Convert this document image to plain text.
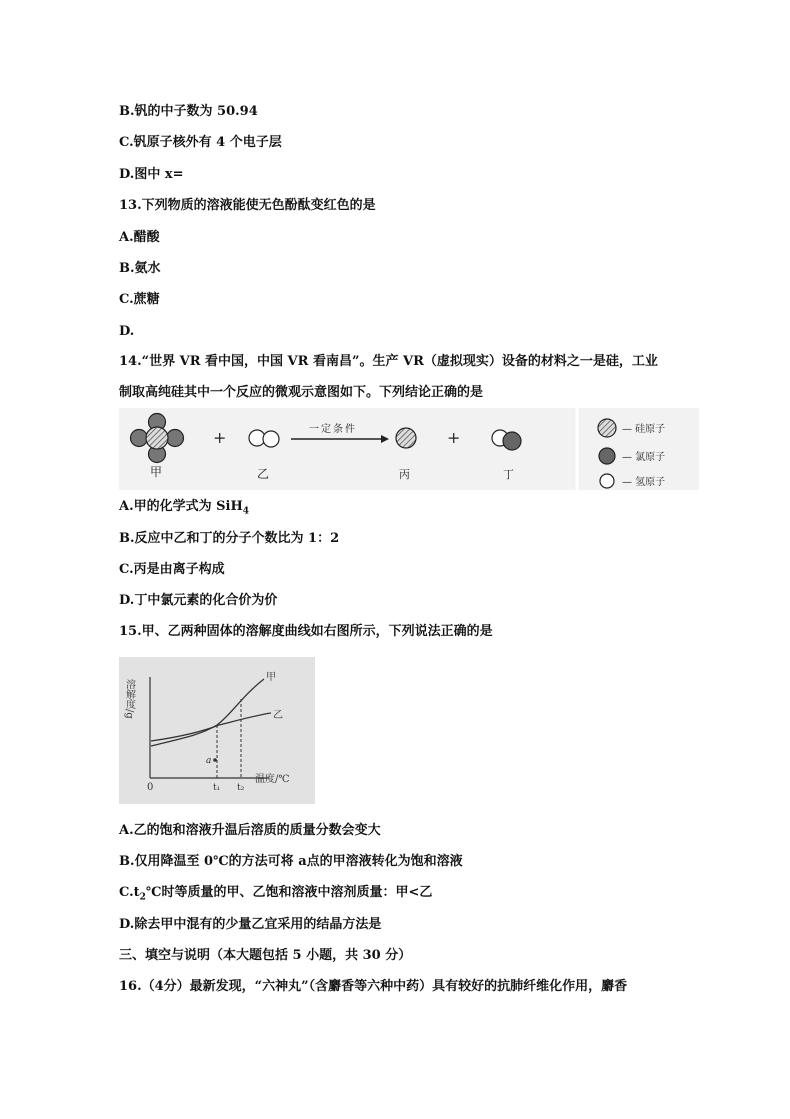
B.钒的中子数为 50.94
C.钒原子核外有 4 个电子层
D.图中 x=
13.下列物质的溶液能使无色酚酞变红色的是
A.醋酸
B.氨水
C.蔗糖
D.
14.“世界 VR 看中国，中国 VR 看南昌”。生产 VR（虚拟现实）设备的材料之一是硅，工业
制取高纯硅其中一个反应的微观示意图如下。下列结论正确的是
甲
+
乙
一定条件
丙
+
丁
— 硅原子
— 氯原子
— 氢原子
A.甲的化学式为 SiH$_4$
B.反应中乙和丁的分子个数比为 1：2
C.丙是由离子构成
D.丁中氯元素的化合价为价
15.甲、乙两种固体的溶解度曲线如右图所示，下列说法正确的是
溶解度/g
甲
乙
a
0	t₁ t₂
温度/℃
A.乙的饱和溶液升温后溶质的质量分数会变大
B.仅用降温至 0℃的方法可将 a点的甲溶液转化为饱和溶液
$C.t_2℃$时等质量的甲、乙饱和溶液中溶剂质量：甲<乙
D.除去甲中混有的少量乙宜采用的结晶方法是
三、填空与说明（本大题包括 5 小题，共 30 分）
16.（4分）最新发现，“六神丸”（含麝香等六种中药）具有较好的抗肺纤维化作用，麝香
